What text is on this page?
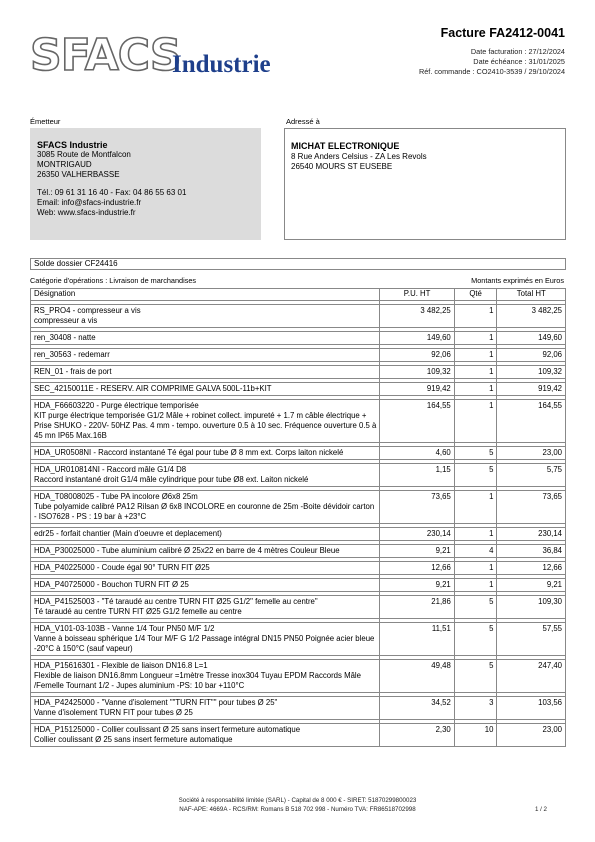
SFACS
Industrie
Facture FA2412-0041
Date facturation : 27/12/2024
Date échéance : 31/01/2025
Réf. commande : CO2410-3539 / 29/10/2024
Émetteur	Adressé à
SFACS Industrie
3085 Route de Montfalcon
MONTRIGAUD
26350 VALHERBASSE
Tél.: 09 61 31 16 40 - Fax: 04 86 55 63 01
Email: info@sfacs-industrie.fr
Web: www.sfacs-industrie.fr
MICHAT ELECTRONIQUE
8 Rue Anders Celsius - ZA Les Revols
26540 MOURS ST EUSEBE
Solde dossier CF24416
Catégorie d'opérations : Livraison de marchandises	Montants exprimés en Euros
Désignation	P.U. HT	Qté	Total HT

RS_PRO4 - compresseur a vis
compresseur a vis	3 482,25	1	3 482,25

ren_30408 - natte	149,60	1	149,60

ren_30563 - redemarr	92,06	1	92,06

REN_01 - frais de port	109,32	1	109,32

SEC_42150011E - RESERV. AIR COMPRIME GALVA 500L-11b+KIT	919,42	1	919,42

HDA_F66603220 - Purge électrique temporisée
KIT purge électrique temporisée G1/2 Mâle + robinet collect. impureté + 1.7 m câble électrique + Prise SHUKO - 220V- 50HZ Pas. 4 mm - tempo. ouverture 0.5 à 10 sec. Fréquence ouverture 0.5 à 45 mn IP65 Max.16B	164,55	1	164,55

HDA_UR0508NI - Raccord instantané Té égal pour tube Ø 8 mm ext. Corps laiton nickelé	4,60	5	23,00

HDA_UR010814NI - Raccord mâle G1/4 D8
Raccord instantané droit G1/4 mâle cylindrique pour tube Ø8 ext. Laiton nickelé	1,15	5	5,75

HDA_T08008025 - Tube PA incolore Ø6x8 25m
Tube polyamide calibré PA12 Rilsan Ø 6x8 INCOLORE en couronne de 25m -Boite dévidoir carton - ISO7628 - PS : 19 bar à +23°C	73,65	1	73,65

edr25 - forfait chantier (Main d'oeuvre et deplacement)	230,14	1	230,14

HDA_P30025000 - Tube aluminium calibré Ø 25x22 en barre de 4 mètres Couleur Bleue	9,21	4	36,84

HDA_P40225000 - Coude égal 90° TURN FIT Ø25	12,66	1	12,66

HDA_P40725000 - Bouchon TURN FIT Ø 25	9,21	1	9,21

HDA_P41525003 - "Té taraudé au centre TURN FIT Ø25 G1/2" femelle au centre"
Té taraudé au centre TURN FIT Ø25 G1/2 femelle au centre	21,86	5	109,30

HDA_V101-03-103B - Vanne 1/4 Tour PN50 M/F 1/2
Vanne à boisseau sphérique 1/4 Tour M/F G 1/2 Passage intégral DN15 PN50 Poignée acier bleue -20°C à 150°C (sauf vapeur)	11,51	5	57,55

HDA_P15616301 - Flexible de liaison DN16.8 L=1
Flexible de liaison DN16.8mm Longueur =1mètre Tresse inox304 Tuyau EPDM Raccords Mâle /Femelle Tournant 1/2 - Jupes aluminium -PS: 10 bar +110°C	49,48	5	247,40

HDA_P42425000 - "Vanne d'isolement ""TURN FIT"" pour tubes Ø 25"
Vanne d'isolement TURN FIT pour tubes Ø 25	34,52	3	103,56

HDA_P15125000 - Collier coulissant Ø 25 sans insert fermeture automatique
Collier coulissant Ø 25 sans insert fermeture automatique	2,30	10	23,00
Société à responsabilité limitée (SARL) - Capital de 8 000 € - SIRET: 51870299800023
NAF-APE: 4669A - RCS/RM: Romans B 518 702 998 - Numéro TVA: FR86518702998	1 / 2
